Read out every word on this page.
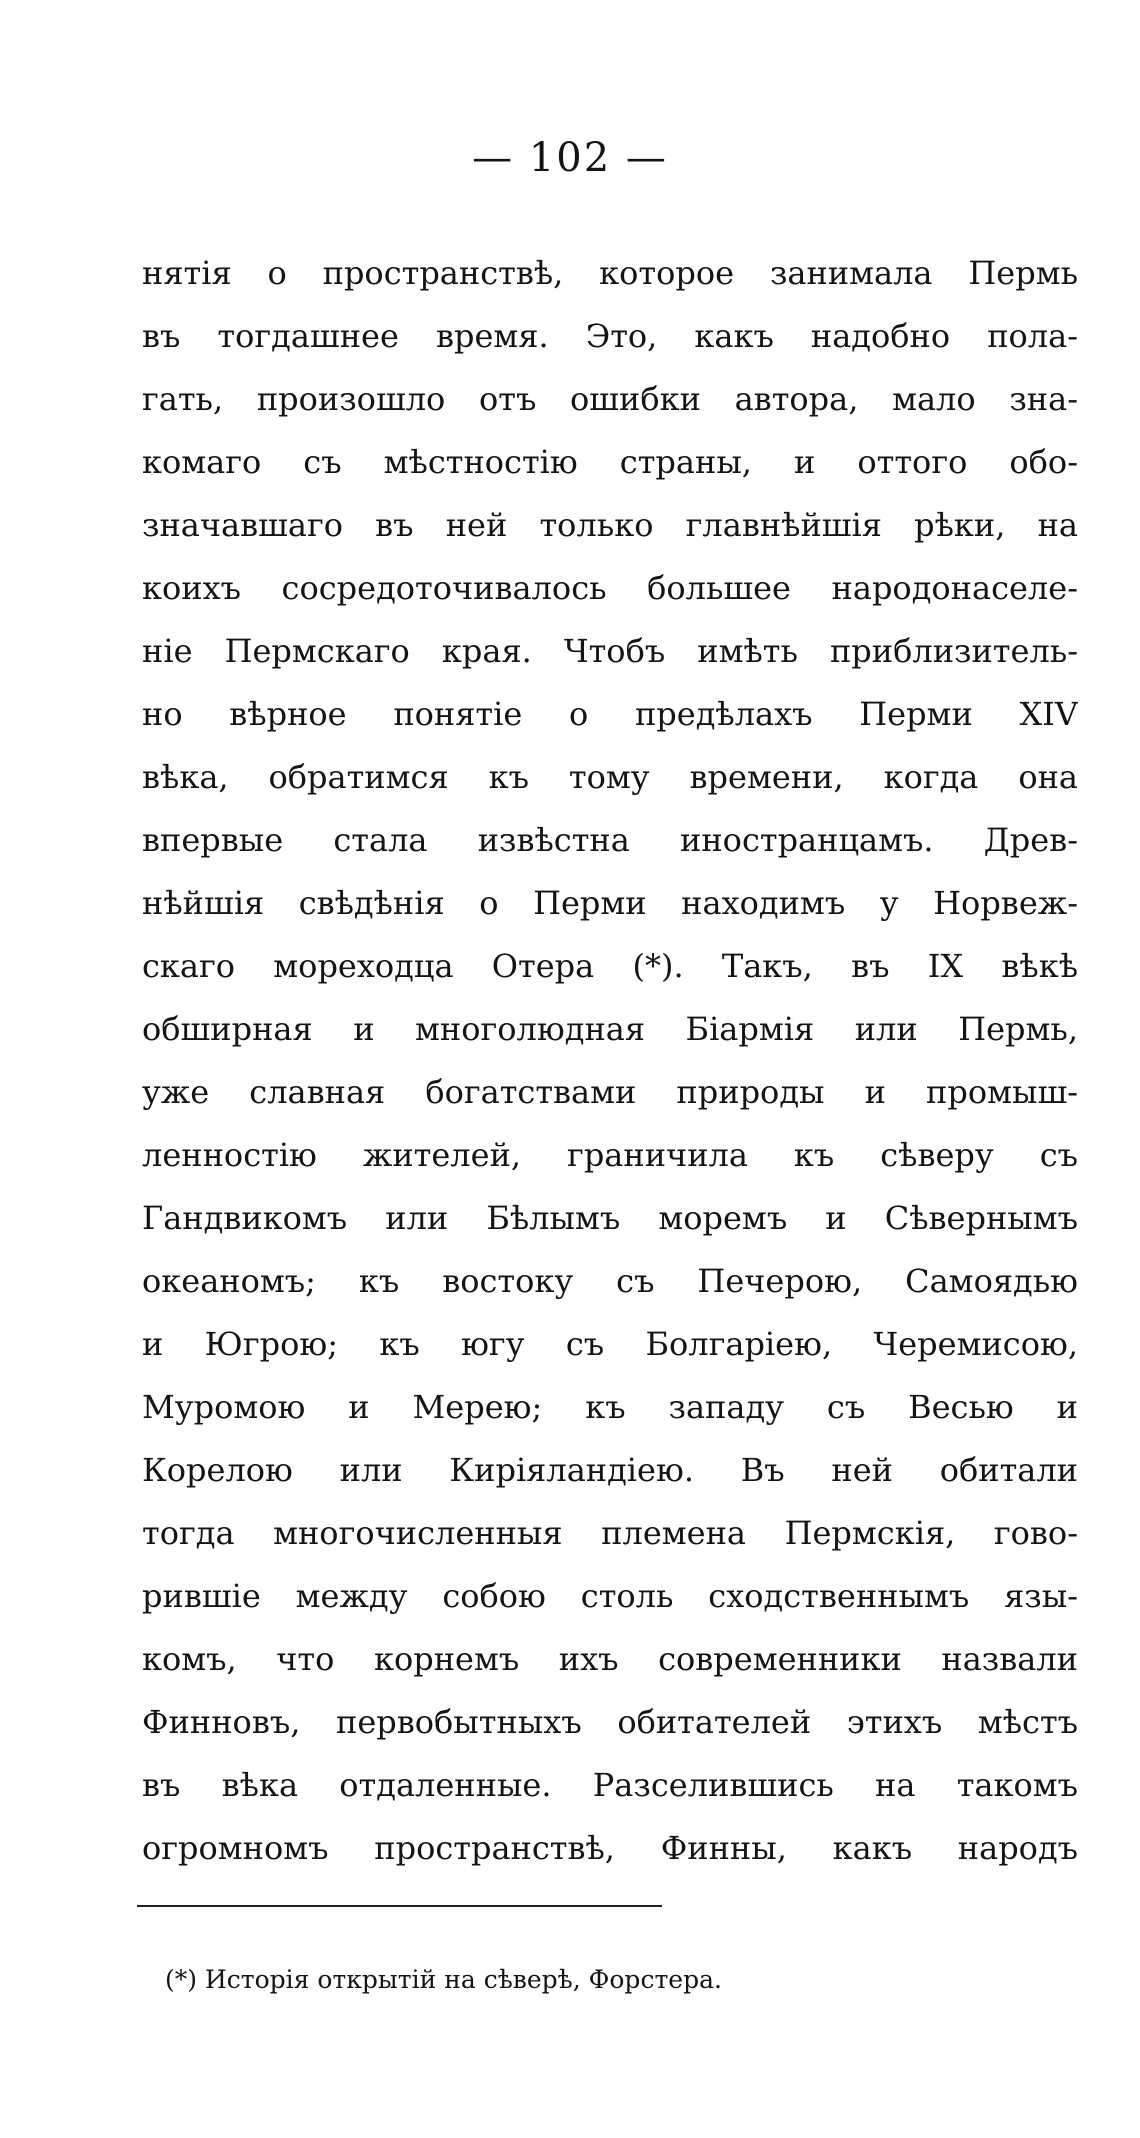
— 102 —
нятія о пространствѣ, которое занимала Пермь
въ тогдашнее время. Это, какъ надобно пола-
гать, произошло отъ ошибки автора, мало зна-
комаго съ мѣстностію страны, и оттого обо-
значавшаго въ ней только главнѣйшія рѣки, на
коихъ сосредоточивалось большее народонаселе-
ніе Пермскаго края. Чтобъ имѣть приблизитель-
но вѣрное понятіе о предѣлахъ Перми XIV
вѣка, обратимся къ тому времени, когда она
впервые стала извѣстна иностранцамъ. Древ-
нѣйшія свѣдѣнія о Перми находимъ у Норвеж-
скаго мореходца Отера (*). Такъ, въ IX вѣкѣ
обширная и многолюдная Біармія или Пермь,
уже славная богатствами природы и промыш-
ленностію жителей, граничила къ сѣверу съ
Гандвикомъ или Бѣлымъ моремъ и Сѣвернымъ
океаномъ; къ востоку съ Печерою, Самоядью
и Югрою; къ югу съ Болгаріею, Черемисою,
Муромою и Мерею; къ западу съ Весью и
Корелою или Киріяландіею. Въ ней обитали
тогда многочисленныя племена Пермскія, гово-
рившіе между собою столь сходственнымъ язы-
комъ, что корнемъ ихъ современники назвали
Финновъ, первобытныхъ обитателей этихъ мѣстъ
въ вѣка отдаленные. Разселившись на такомъ
огромномъ пространствѣ, Финны, какъ народъ
(*) Исторія открытій на сѣверѣ, Форстера.
